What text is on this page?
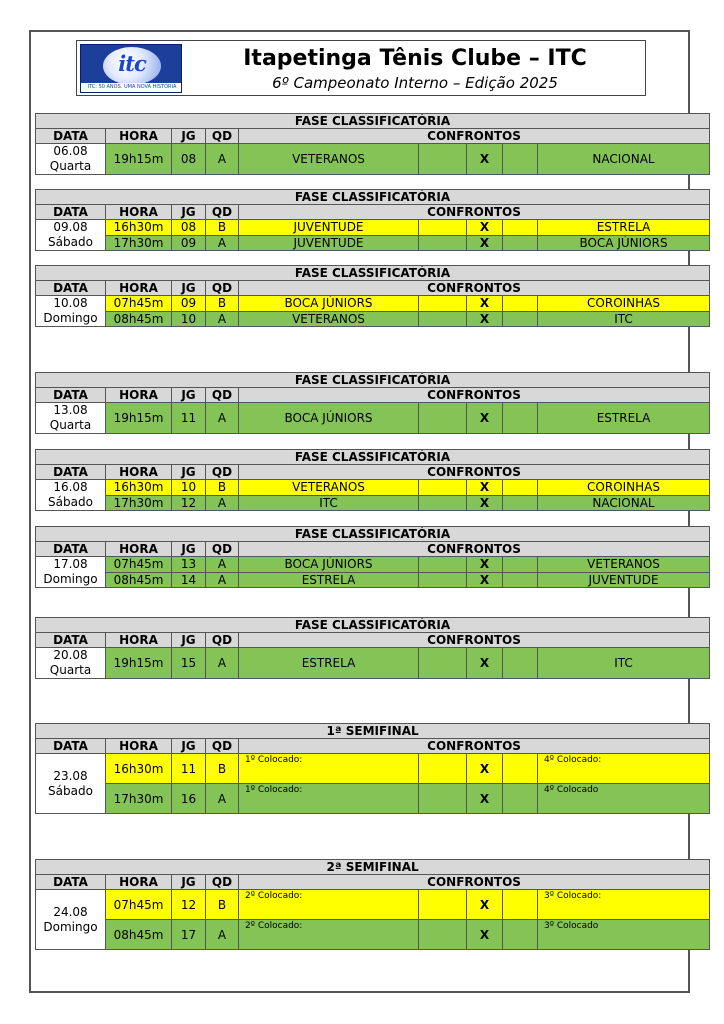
itc
ITC: 50 ANOS. UMA NOVA HISTÓRIA
Itapetinga Tênis Clube – ITC
6º Campeonato Interno – Edição 2025
FASE CLASSIFICATÓRIA								
DATA	HORA	JG	QD	CONFRONTOS				

06.08
Quarta	19h15m	08	A	VETERANOS		X		NACIONAL
FASE CLASSIFICATÓRIA								
DATA	HORA	JG	QD	CONFRONTOS				

09.08
Sábado	16h30m	08	B	JUVENTUDE		X		ESTRELA
	17h30m	09	A	JUVENTUDE		X		BOCA JÚNIORS
FASE CLASSIFICATÓRIA								
DATA	HORA	JG	QD	CONFRONTOS				

10.08
Domingo	07h45m	09	B	BOCA JÚNIORS		X		COROINHAS
	08h45m	10	A	VETERANOS		X		ITC
FASE CLASSIFICATÓRIA								
DATA	HORA	JG	QD	CONFRONTOS				

13.08
Quarta	19h15m	11	A	BOCA JÚNIORS		X		ESTRELA
FASE CLASSIFICATÓRIA								
DATA	HORA	JG	QD	CONFRONTOS				

16.08
Sábado	16h30m	10	B	VETERANOS		X		COROINHAS
	17h30m	12	A	ITC		X		NACIONAL
FASE CLASSIFICATÓRIA								
DATA	HORA	JG	QD	CONFRONTOS				

17.08
Domingo	07h45m	13	A	BOCA JÚNIORS		X		VETERANOS
	08h45m	14	A	ESTRELA		X		JUVENTUDE
FASE CLASSIFICATÓRIA								
DATA	HORA	JG	QD	CONFRONTOS				

20.08
Quarta	19h15m	15	A	ESTRELA		X		ITC
1ª SEMIFINAL								
DATA	HORA	JG	QD	CONFRONTOS				

23.08
Sábado	16h30m	11	B	1º Colocado:		X		4º Colocado:
	17h30m	16	A	1º Colocado:		X		4º Colocado
2ª SEMIFINAL								
DATA	HORA	JG	QD	CONFRONTOS				

24.08
Domingo	07h45m	12	B	2º Colocado:		X		3º Colocado:
	08h45m	17	A	2º Colocado:		X		3º Colocado
